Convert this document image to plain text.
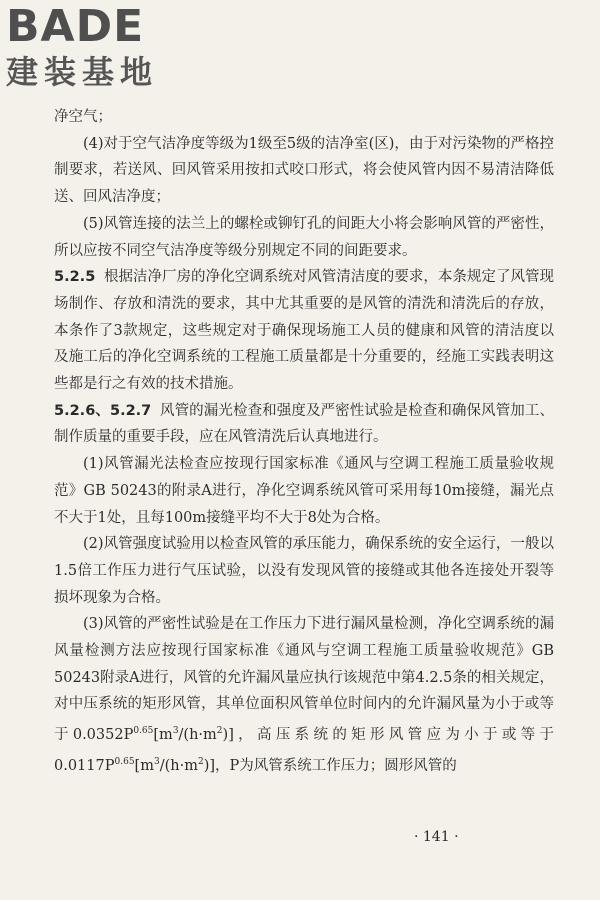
BADE
建装基地

净空气；

(4)对于空气洁净度等级为1级至5级的洁净室(区)，由于对污染物的严格控制要求，若送风、回风管采用按扣式咬口形式，将会使风管内因不易清洁降低送、回风洁净度；

(5)风管连接的法兰上的螺栓或铆钉孔的间距大小将会影响风管的严密性，所以应按不同空气洁净度等级分别规定不同的间距要求。

5.2.5 根据洁净厂房的净化空调系统对风管清洁度的要求，本条规定了风管现场制作、存放和清洗的要求，其中尤其重要的是风管的清洗和清洗后的存放，本条作了3款规定，这些规定对于确保现场施工人员的健康和风管的清洁度以及施工后的净化空调系统的工程施工质量都是十分重要的，经施工实践表明这些都是行之有效的技术措施。

5.2.6、5.2.7 风管的漏光检查和强度及严密性试验是检查和确保风管加工、制作质量的重要手段，应在风管清洗后认真地进行。

(1)风管漏光法检查应按现行国家标准《通风与空调工程施工质量验收规范》GB 50243的附录A进行，净化空调系统风管可采用每10m接缝，漏光点不大于1处，且每100m接缝平均不大于8处为合格。

(2)风管强度试验用以检查风管的承压能力，确保系统的安全运行，一般以1.5倍工作压力进行气压试验，以没有发现风管的接缝或其他各连接处开裂等损坏现象为合格。

(3)风管的严密性试验是在工作压力下进行漏风量检测，净化空调系统的漏风量检测方法应按现行国家标准《通风与空调工程施工质量验收规范》GB 50243附录A进行，风管的允许漏风量应执行该规范中第4.2.5条的相关规定，对中压系统的矩形风管，其单位面积风管单位时间内的允许漏风量为小于或等于$0.0352P^{0.65}[m^3/(h\cdot m^2)]$，高压系统的矩形风管应为小于或等于$0.0117P^{0.65}[m^3/(h\cdot m^2)]$，P为风管系统工作压力；圆形风管的

· 141 ·
